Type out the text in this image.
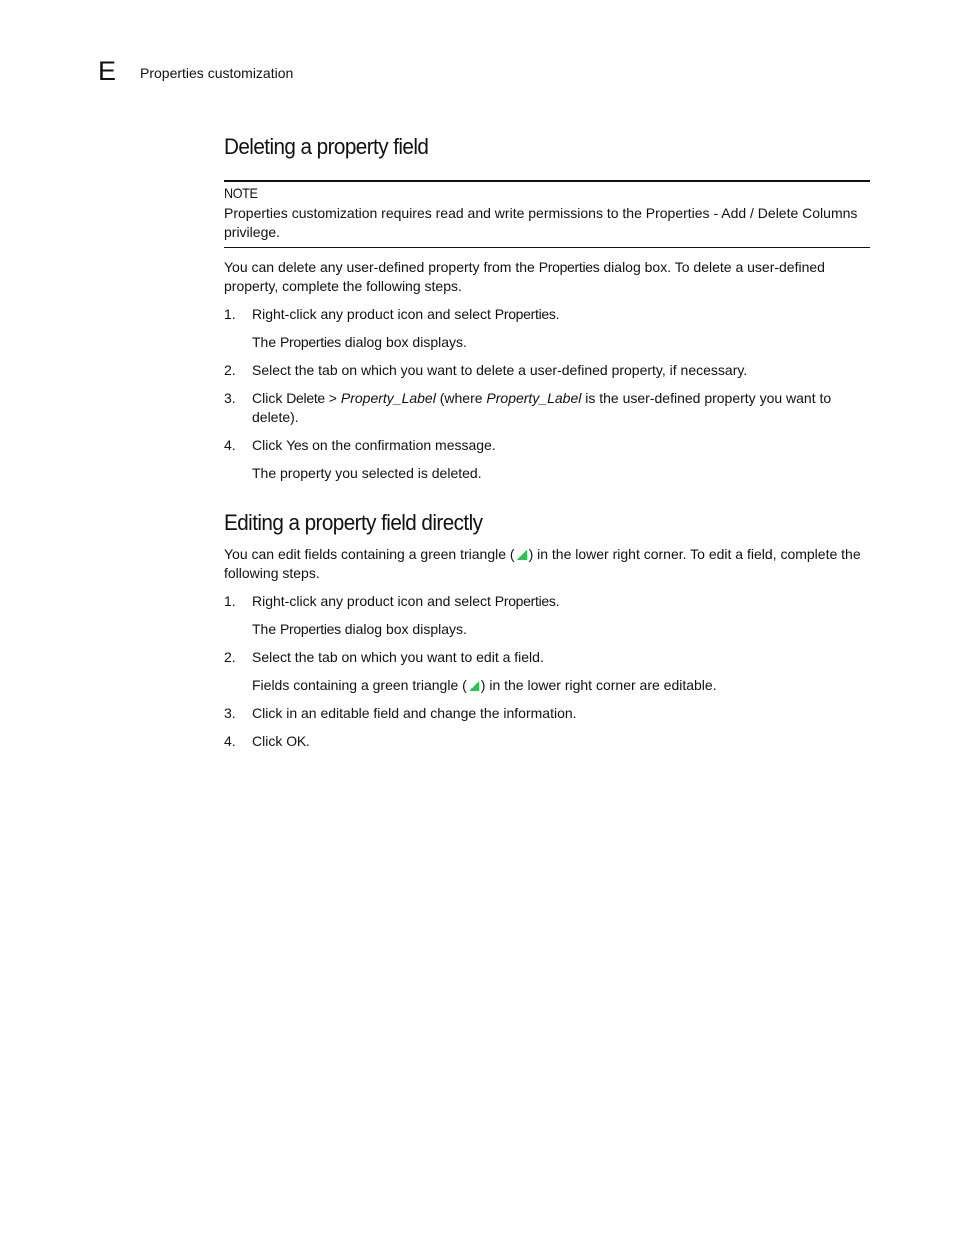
E Properties customization
Deleting a property field
NOTE
Properties customization requires read and write permissions to the Properties - Add / Delete Columns privilege.

You can delete any user-defined property from the Properties dialog box. To delete a user-defined property, complete the following steps.

1. Right-click any product icon and select Properties.
The Properties dialog box displays.
2. Select the tab on which you want to delete a user-defined property, if necessary.
3. Click Delete > Property_Label (where Property_Label is the user-defined property you want to delete).
4. Click Yes on the confirmation message.
The property you selected is deleted.
Editing a property field directly

You can edit fields containing a green triangle ( ) in the lower right corner. To edit a field, complete the following steps.

1. Right-click any product icon and select Properties.
The Properties dialog box displays.
2. Select the tab on which you want to edit a field.
Fields containing a green triangle ( ) in the lower right corner are editable.
3. Click in an editable field and change the information.
4. Click OK.
